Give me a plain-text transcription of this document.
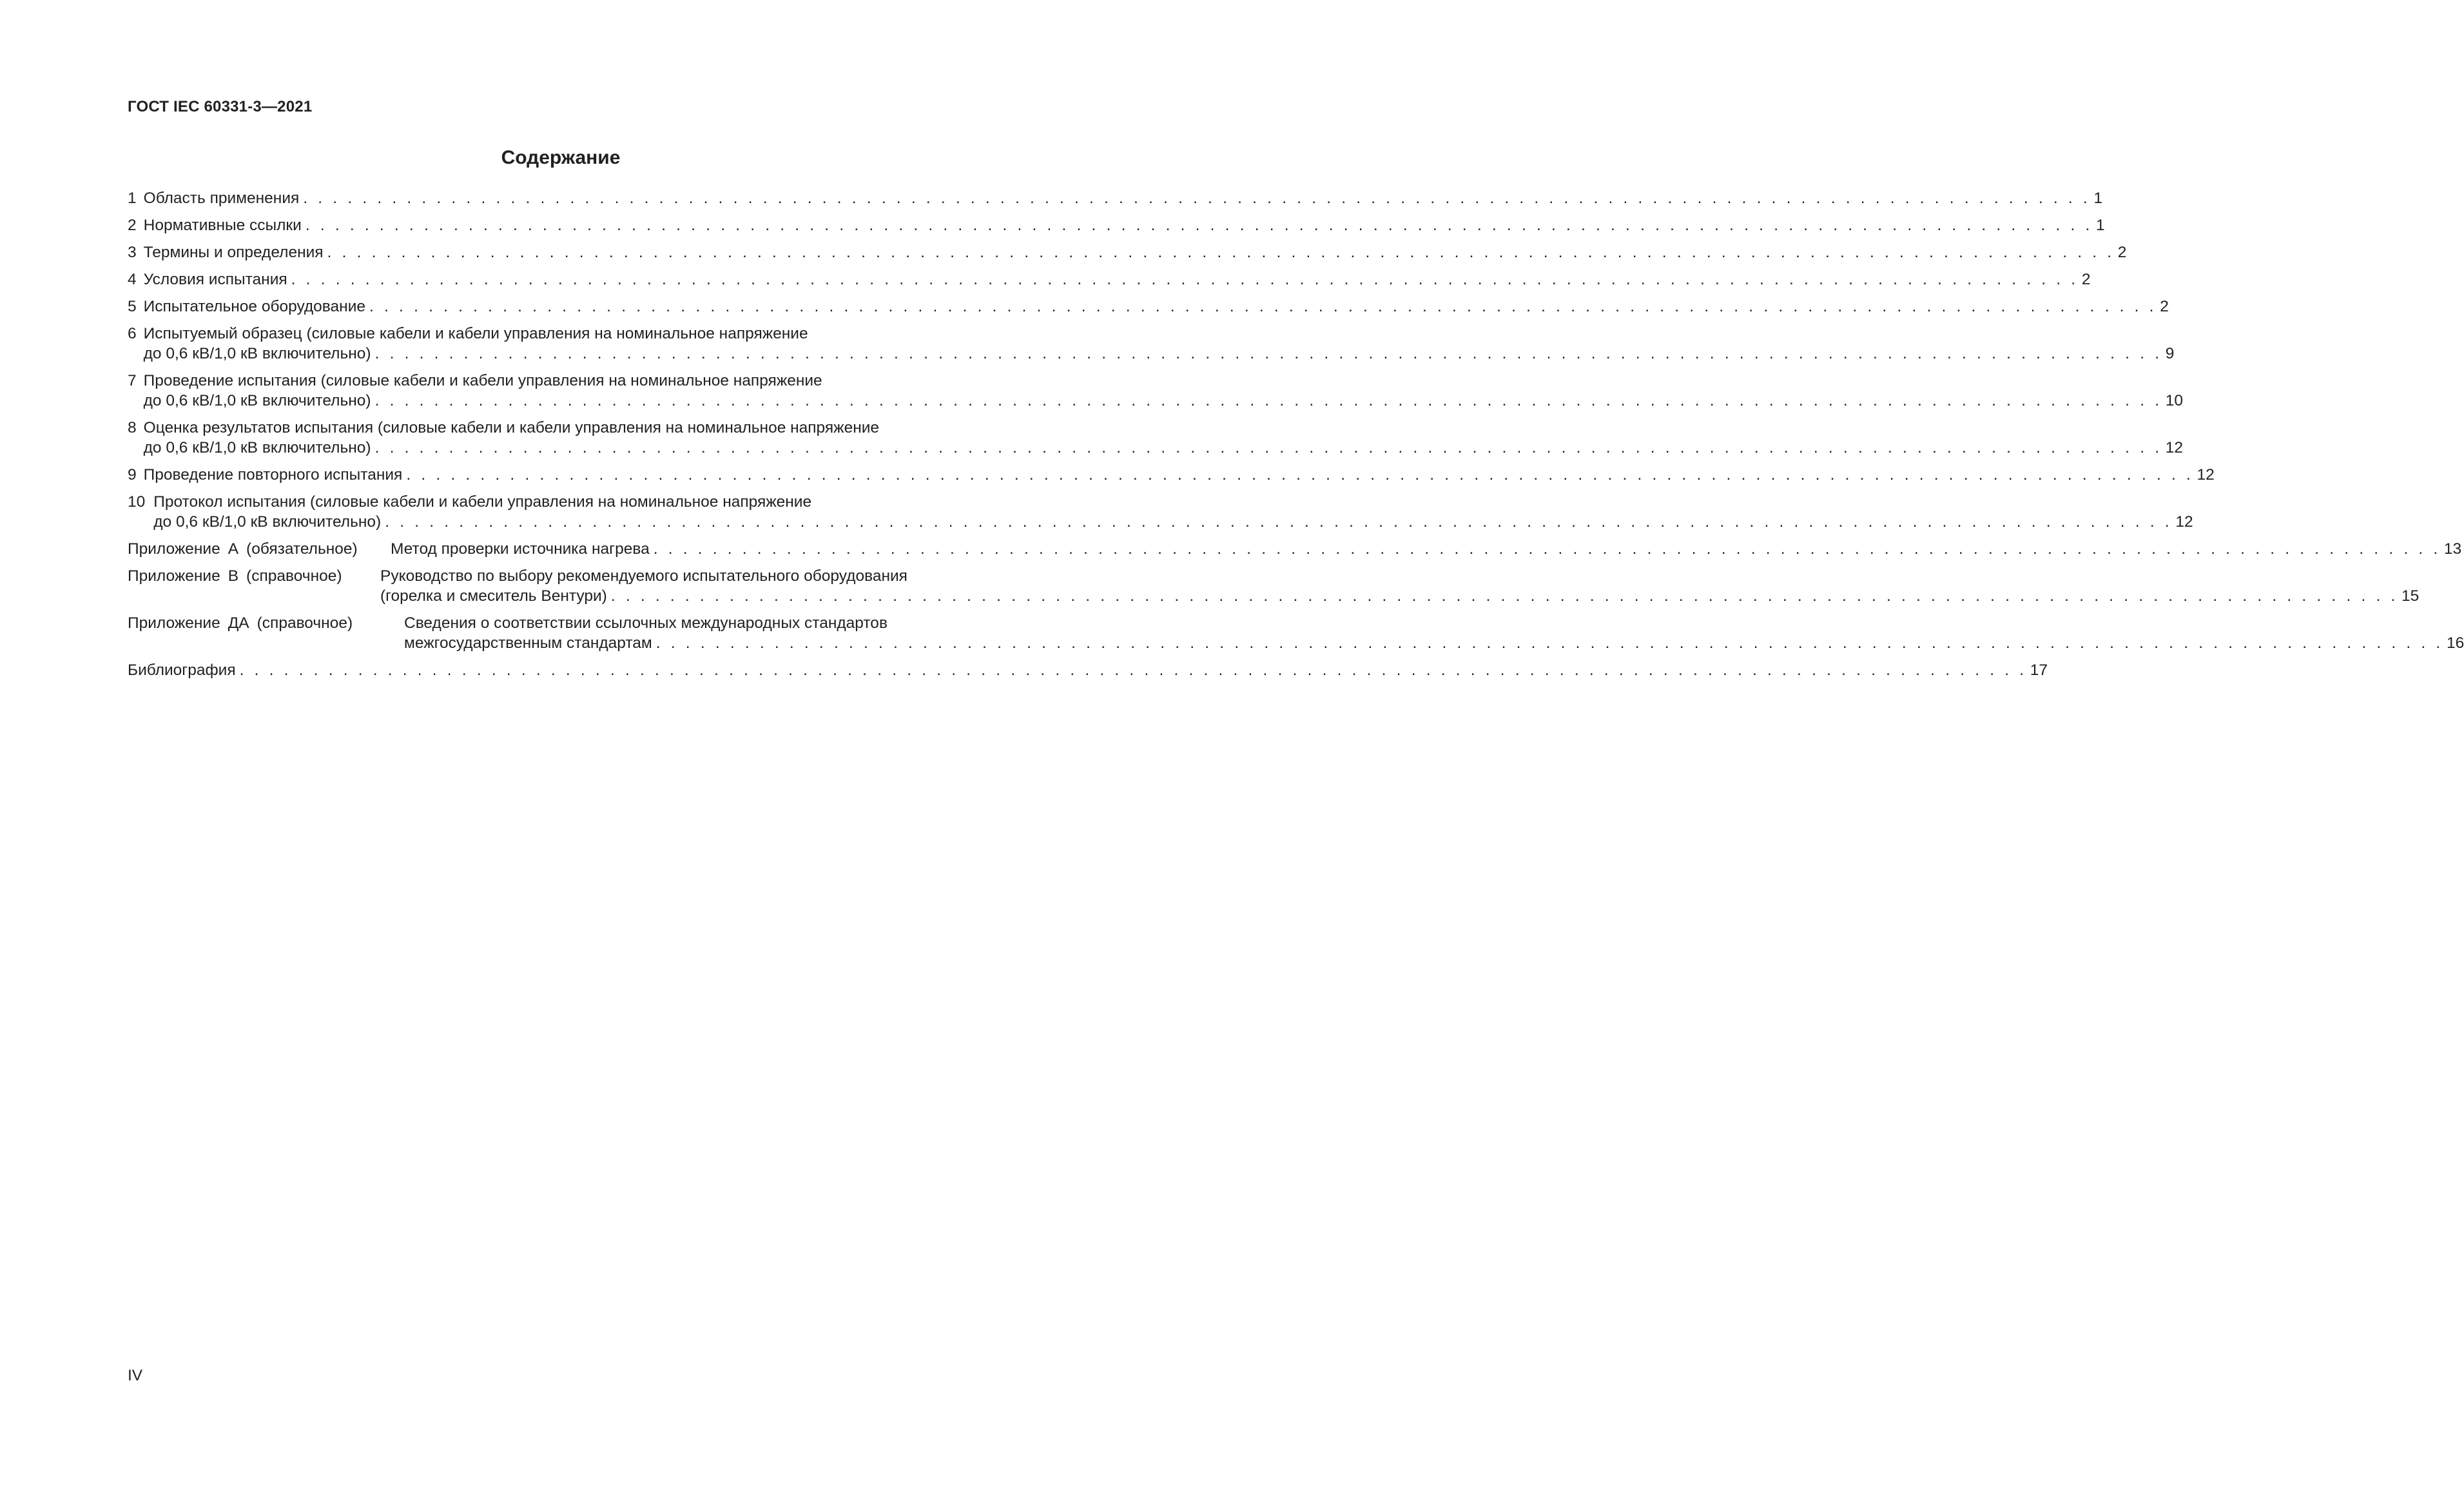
ГОСТ IEC 60331-3—2021
Содержание
1 Область применения . . . . . . . . . . . . . . . . . . . . . . . . . . . . . . . . . . . . . . . . . . . . . . . . . . . . . . . . . . . . . . . . . . . . . . . . . . . . . . . . . . . . . . . . . . . . . . . . . . . . . . . . . . . . . . . . . . . . . . . . . 1
2 Нормативные ссылки . . . . . . . . . . . . . . . . . . . . . . . . . . . . . . . . . . . . . . . . . . . . . . . . . . . . . . . . . . . . . . . . . . . . . . . . . . . . . . . . . . . . . . . . . . . . . . . . . . . . . . . . . . . . . . . . . . . . . . . . . 1
3 Термины и определения . . . . . . . . . . . . . . . . . . . . . . . . . . . . . . . . . . . . . . . . . . . . . . . . . . . . . . . . . . . . . . . . . . . . . . . . . . . . . . . . . . . . . . . . . . . . . . . . . . . . . . . . . . . . . . . . . . . . . . . . . 2
4 Условия испытания . . . . . . . . . . . . . . . . . . . . . . . . . . . . . . . . . . . . . . . . . . . . . . . . . . . . . . . . . . . . . . . . . . . . . . . . . . . . . . . . . . . . . . . . . . . . . . . . . . . . . . . . . . . . . . . . . . . . . . . . . 2
5 Испытательное оборудование . . . . . . . . . . . . . . . . . . . . . . . . . . . . . . . . . . . . . . . . . . . . . . . . . . . . . . . . . . . . . . . . . . . . . . . . . . . . . . . . . . . . . . . . . . . . . . . . . . . . . . . . . . . . . . . . . . . . . . . . . 2
6 Испытуемый образец (силовые кабели и кабели управления на номинальное напряжение
до 0,6 кВ/1,0 кВ включительно) . . . . . . . . . . . . . . . . . . . . . . . . . . . . . . . . . . . . . . . . . . . . . . . . . . . . . . . . . . . . . . . . . . . . . . . . . . . . . . . . . . . . . . . . . . . . . . . . . . . . . . . . . . . . . . . . . . . . . . . . . 9
7 Проведение испытания (силовые кабели и кабели управления на номинальное напряжение
до 0,6 кВ/1,0 кВ включительно) . . . . . . . . . . . . . . . . . . . . . . . . . . . . . . . . . . . . . . . . . . . . . . . . . . . . . . . . . . . . . . . . . . . . . . . . . . . . . . . . . . . . . . . . . . . . . . . . . . . . . . . . . . . . . . . . . . . . . . . . . 10
8 Оценка результатов испытания (силовые кабели и кабели управления на номинальное напряжение
до 0,6 кВ/1,0 кВ включительно) . . . . . . . . . . . . . . . . . . . . . . . . . . . . . . . . . . . . . . . . . . . . . . . . . . . . . . . . . . . . . . . . . . . . . . . . . . . . . . . . . . . . . . . . . . . . . . . . . . . . . . . . . . . . . . . . . . . . . . . . . 12
9 Проведение повторного испытания . . . . . . . . . . . . . . . . . . . . . . . . . . . . . . . . . . . . . . . . . . . . . . . . . . . . . . . . . . . . . . . . . . . . . . . . . . . . . . . . . . . . . . . . . . . . . . . . . . . . . . . . . . . . . . . . . . . . . . . . . 12
10 Протокол испытания (силовые кабели и кабели управления на номинальное напряжение
до 0,6 кВ/1,0 кВ включительно) . . . . . . . . . . . . . . . . . . . . . . . . . . . . . . . . . . . . . . . . . . . . . . . . . . . . . . . . . . . . . . . . . . . . . . . . . . . . . . . . . . . . . . . . . . . . . . . . . . . . . . . . . . . . . . . . . . . . . . . . . 12
Приложение А (обязательное)	Метод проверки источника нагрева . . . . . . . . . . . . . . . . . . . . . . . . . . . . . . . . . . . . . . . . . . . . . . . . . . . . . . . . . . . . . . . . . . . . . . . . . . . . . . . . . . . . . . . . . . . . . . . . . . . . . . . . . . . . . . . . . . . . . . . . . 13
Приложение В (справочное)	Руководство по выбору рекомендуемого испытательного оборудования
(горелка и смеситель Вентури) . . . . . . . . . . . . . . . . . . . . . . . . . . . . . . . . . . . . . . . . . . . . . . . . . . . . . . . . . . . . . . . . . . . . . . . . . . . . . . . . . . . . . . . . . . . . . . . . . . . . . . . . . . . . . . . . . . . . . . . . . 15
Приложение ДА (справочное)	Сведения о соответствии ссылочных международных стандартов
межгосударственным стандартам . . . . . . . . . . . . . . . . . . . . . . . . . . . . . . . . . . . . . . . . . . . . . . . . . . . . . . . . . . . . . . . . . . . . . . . . . . . . . . . . . . . . . . . . . . . . . . . . . . . . . . . . . . . . . . . . . . . . . . . . . 16
Библиография . . . . . . . . . . . . . . . . . . . . . . . . . . . . . . . . . . . . . . . . . . . . . . . . . . . . . . . . . . . . . . . . . . . . . . . . . . . . . . . . . . . . . . . . . . . . . . . . . . . . . . . . . . . . . . . . . . . . . . . . . 17
IV
